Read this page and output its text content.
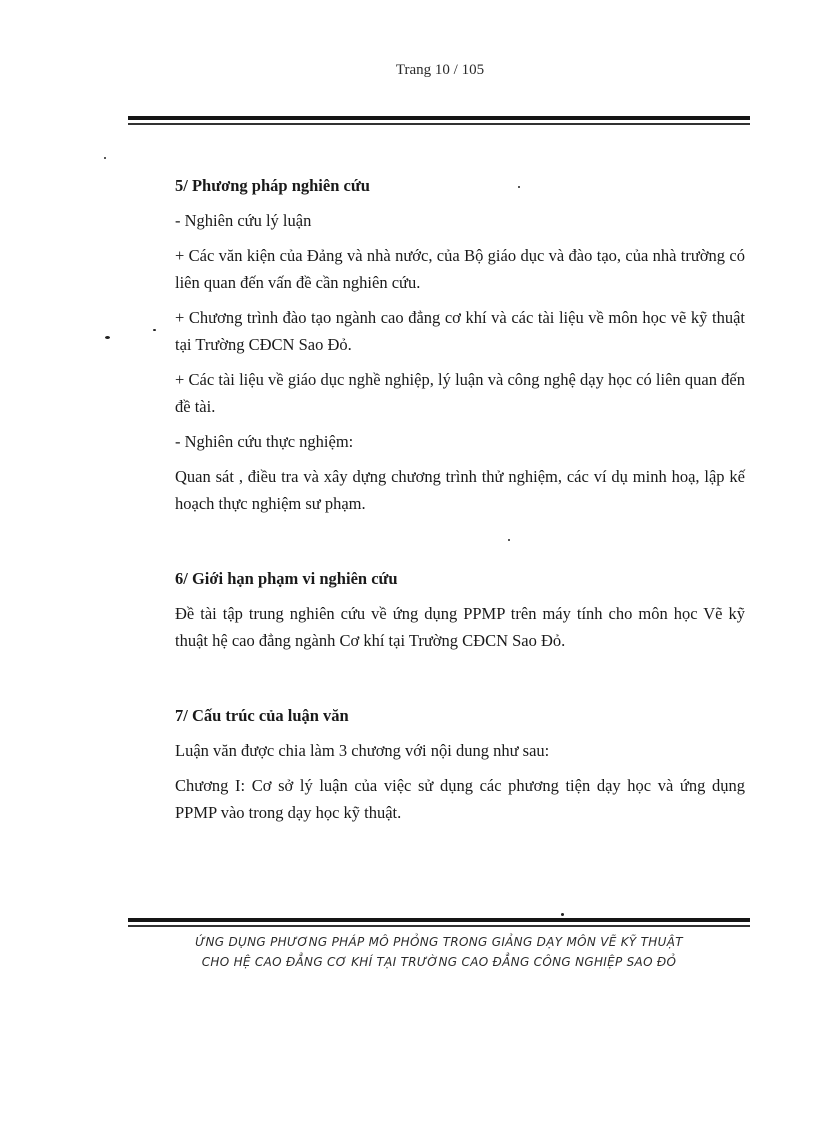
Trang 10 / 105

5/ Phương pháp nghiên cứu

- Nghiên cứu lý luận

+ Các văn kiện của Đảng và nhà nước, của Bộ giáo dục và đào tạo, của nhà trường có liên quan đến vấn đề cần nghiên cứu.

+ Chương trình đào tạo ngành cao đẳng cơ khí và các tài liệu về môn học vẽ kỹ thuật tại Trường CĐCN Sao Đỏ.

+ Các tài liệu về giáo dục nghề nghiệp, lý luận và công nghệ dạy học có liên quan đến đề tài.

- Nghiên cứu thực nghiệm:

Quan sát , điều tra và xây dựng chương trình thử nghiệm, các ví dụ minh hoạ, lập kế hoạch thực nghiệm sư phạm.

6/ Giới hạn phạm vi nghiên cứu

Đề tài tập trung nghiên cứu về ứng dụng PPMP trên máy tính cho môn học Vẽ kỹ thuật hệ cao đẳng ngành Cơ khí tại Trường CĐCN Sao Đỏ.

7/ Cấu trúc của luận văn

Luận văn được chia làm 3 chương với nội dung như sau:

Chương I: Cơ sở lý luận của việc sử dụng các phương tiện dạy học và ứng dụng PPMP vào trong dạy học kỹ thuật.

ỨNG DỤNG PHƯƠNG PHÁP MÔ PHỎNG TRONG GIẢNG DẠY MÔN VẼ KỸ THUẬT
CHO HỆ CAO ĐẲNG CƠ KHÍ TẠI TRƯỜNG CAO ĐẲNG CÔNG NGHIỆP SAO ĐỎ
